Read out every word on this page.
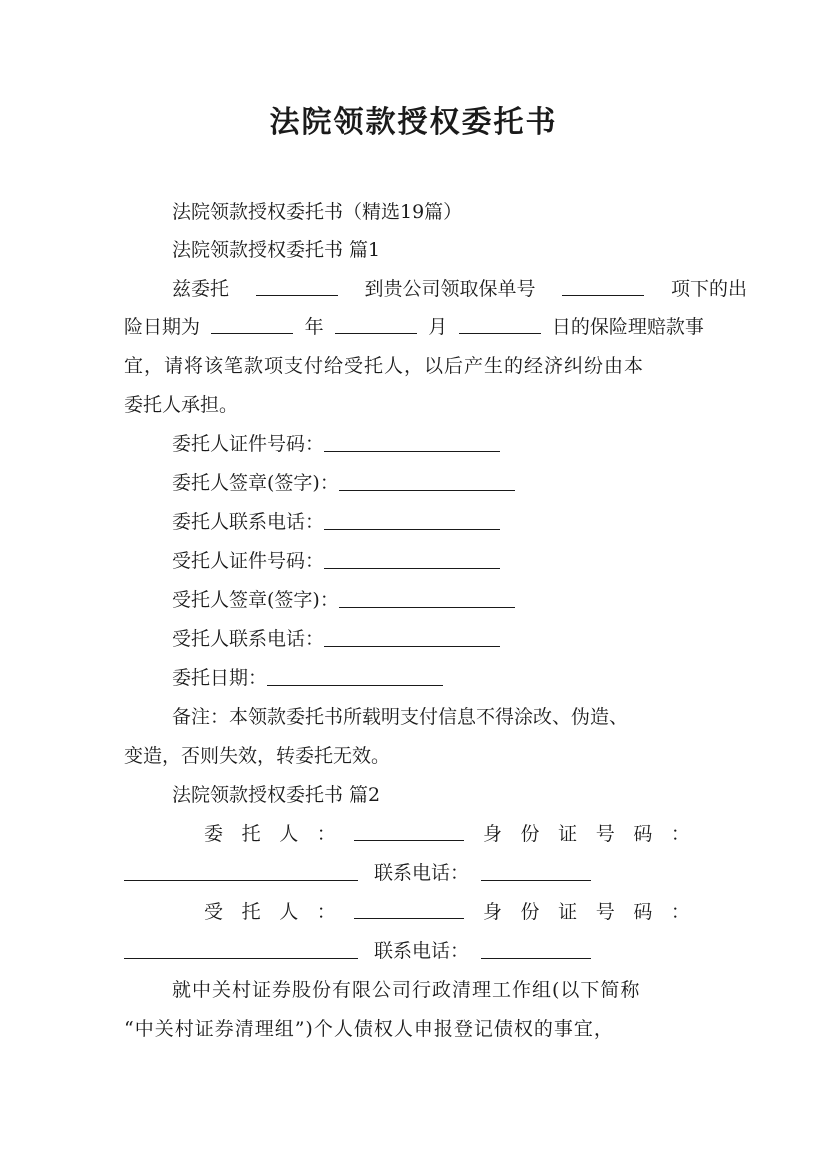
法院领款授权委托书
法院领款授权委托书（精选19篇）
法院领款授权委托书 篇1
兹委托	到贵公司领取保单号	项下的出
险日期为	年	月	日的保险理赔款事
宜，请将该笔款项支付给受托人，以后产生的经济纠纷由本
委托人承担。
委托人证件号码：
委托人签章(签字)：
委托人联系电话：
受托人证件号码：
受托人签章(签字)：
受托人联系电话：
委托日期：
备注：本领款委托书所载明支付信息不得涂改、伪造、
变造，否则失效，转委托无效。
法院领款授权委托书 篇2
委 托 人 ：	身 份 证 号 码 ：
联系电话：
受 托 人 ：	身 份 证 号 码 ：
联系电话：
就中关村证券股份有限公司行政清理工作组(以下简称
“中关村证券清理组”)个人债权人申报登记债权的事宜，
